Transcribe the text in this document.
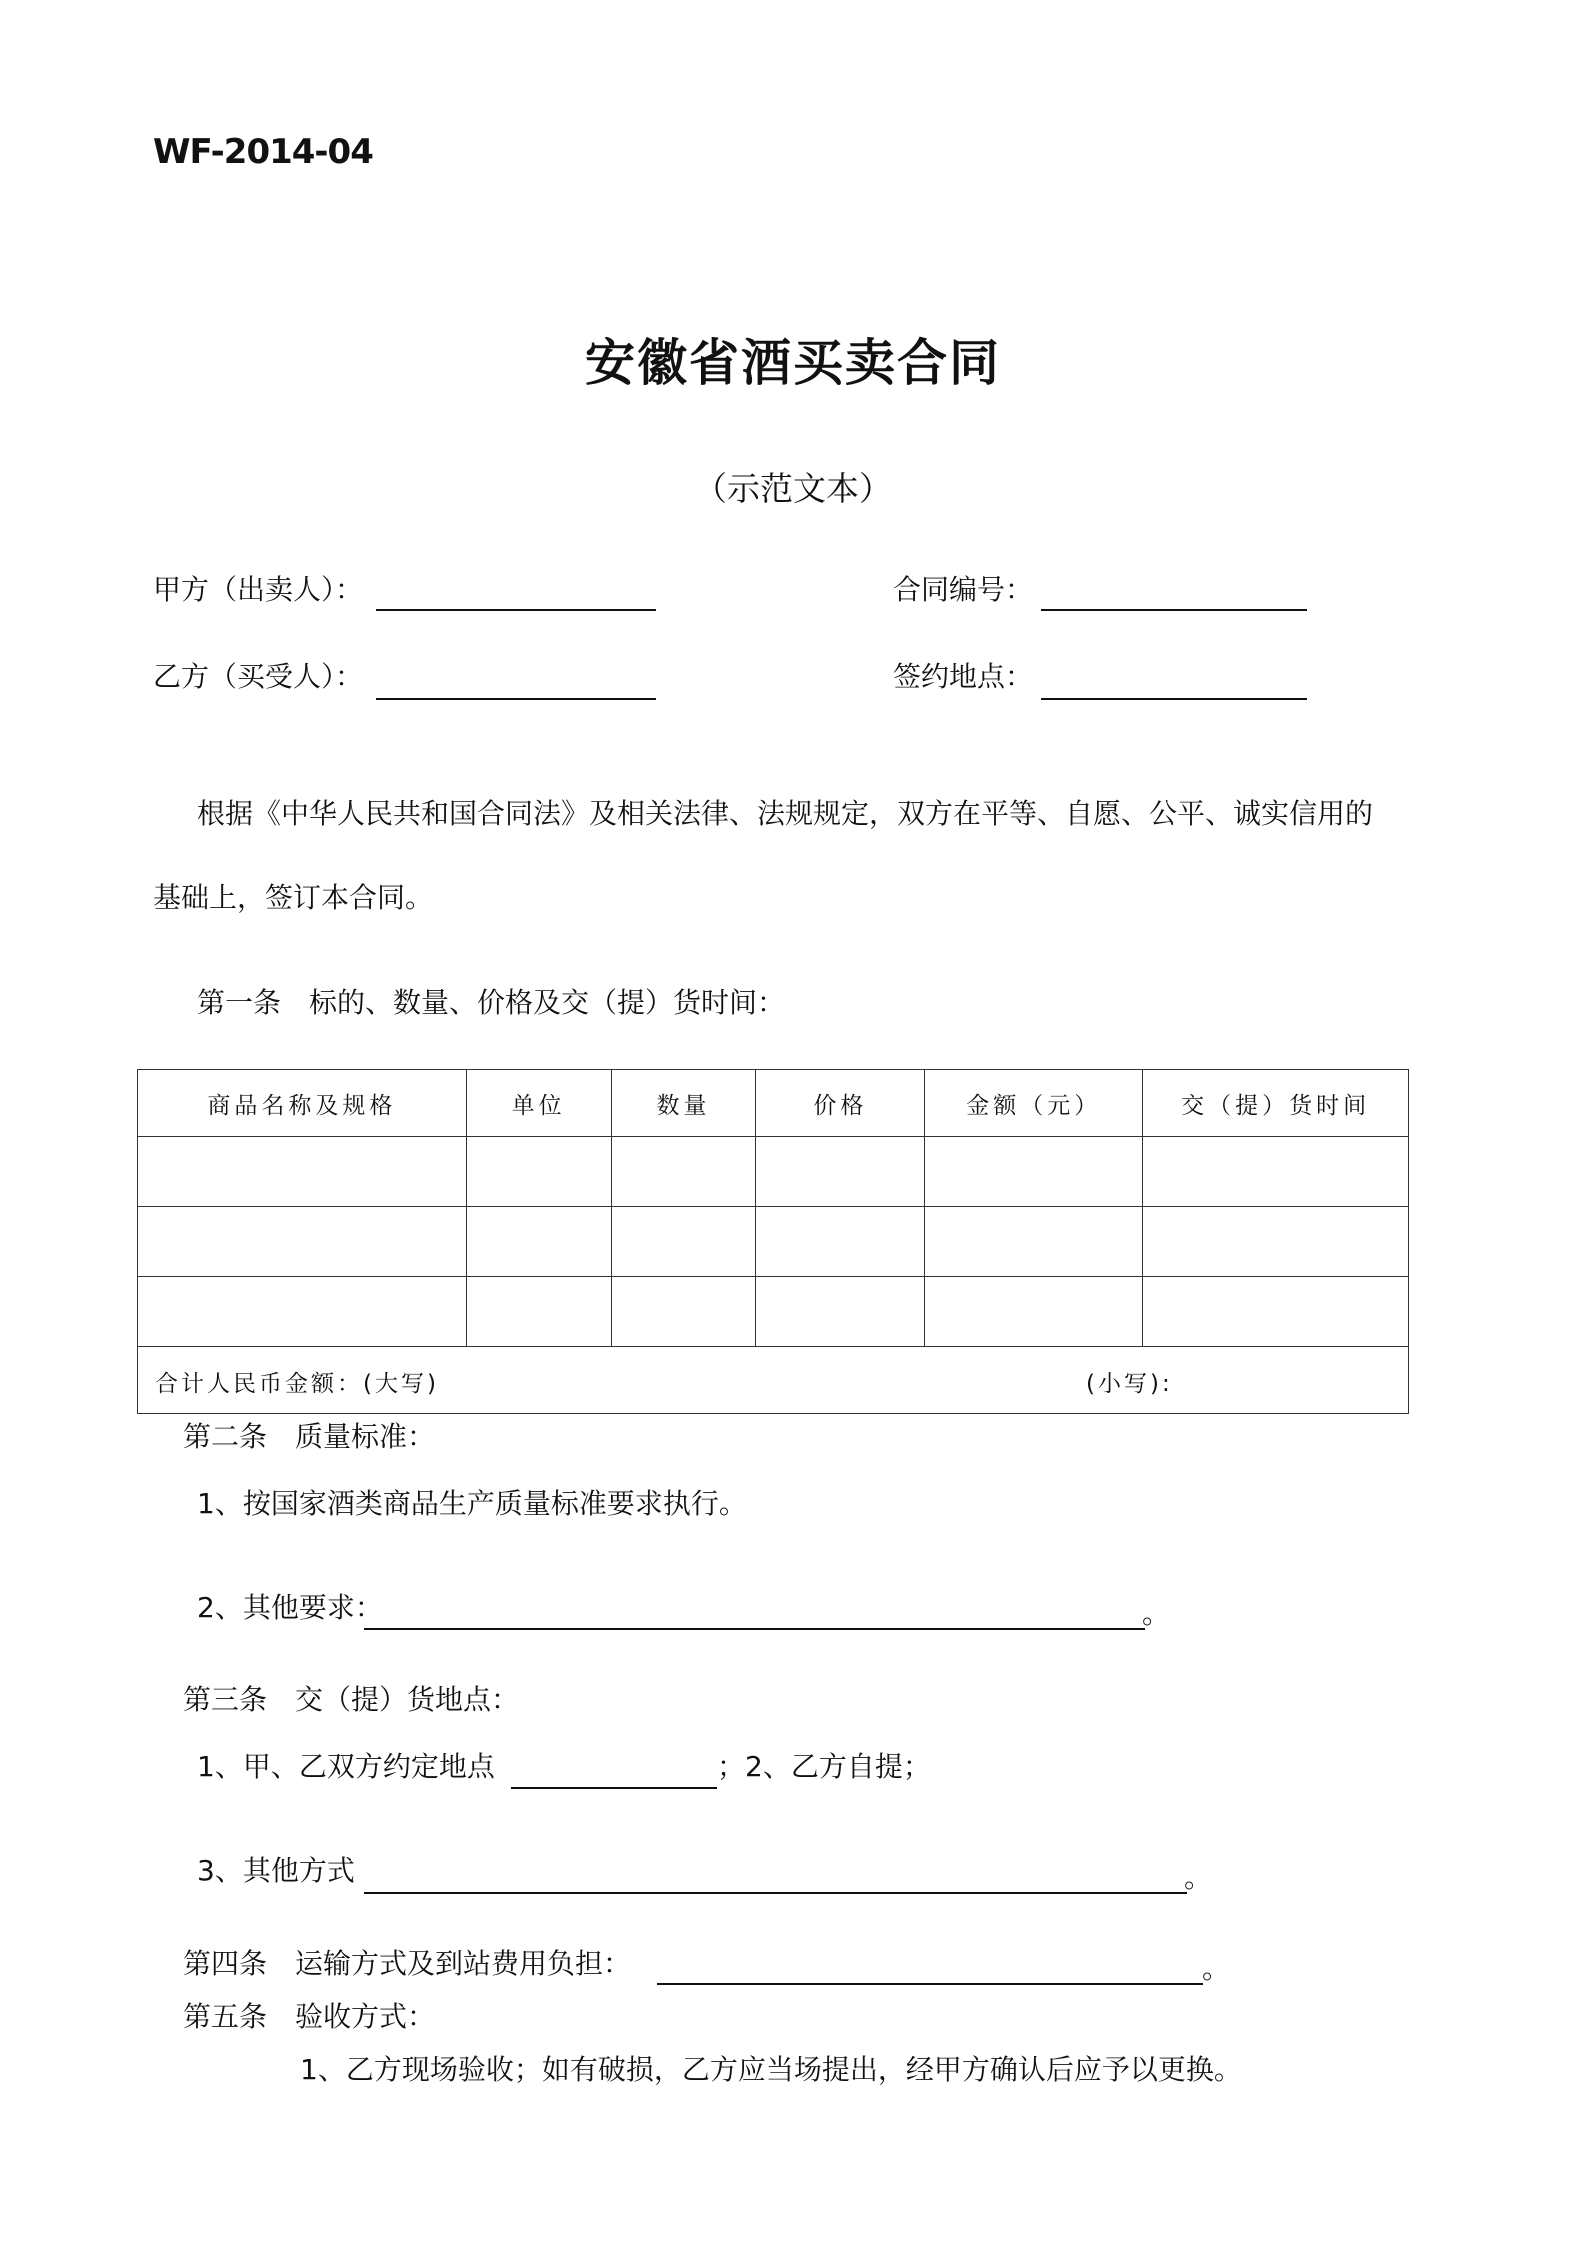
WF-2014-04
安徽省酒买卖合同
（示范文本）
甲方（出卖人）：	合同编号：
乙方（买受人）：	签约地点：
根据《中华人民共和国合同法》及相关法律、法规规定，双方在平等、自愿、公平、诚实信用的
基础上，签订本合同。
第一条　标的、数量、价格及交（提）货时间：
商品名称及规格	单位	数量	价格	金额（元）	交（提）货时间

合计人民币金额：(大写) (小写):					
第二条　质量标准：
1、按国家酒类商品生产质量标准要求执行。
2、其他要求：	。
第三条　交（提）货地点：
1、甲、乙双方约定地点	；2、乙方自提；
3、其他方式	。
第四条　运输方式及到站费用负担：	。
第五条　验收方式：
1、乙方现场验收；如有破损，乙方应当场提出，经甲方确认后应予以更换。
